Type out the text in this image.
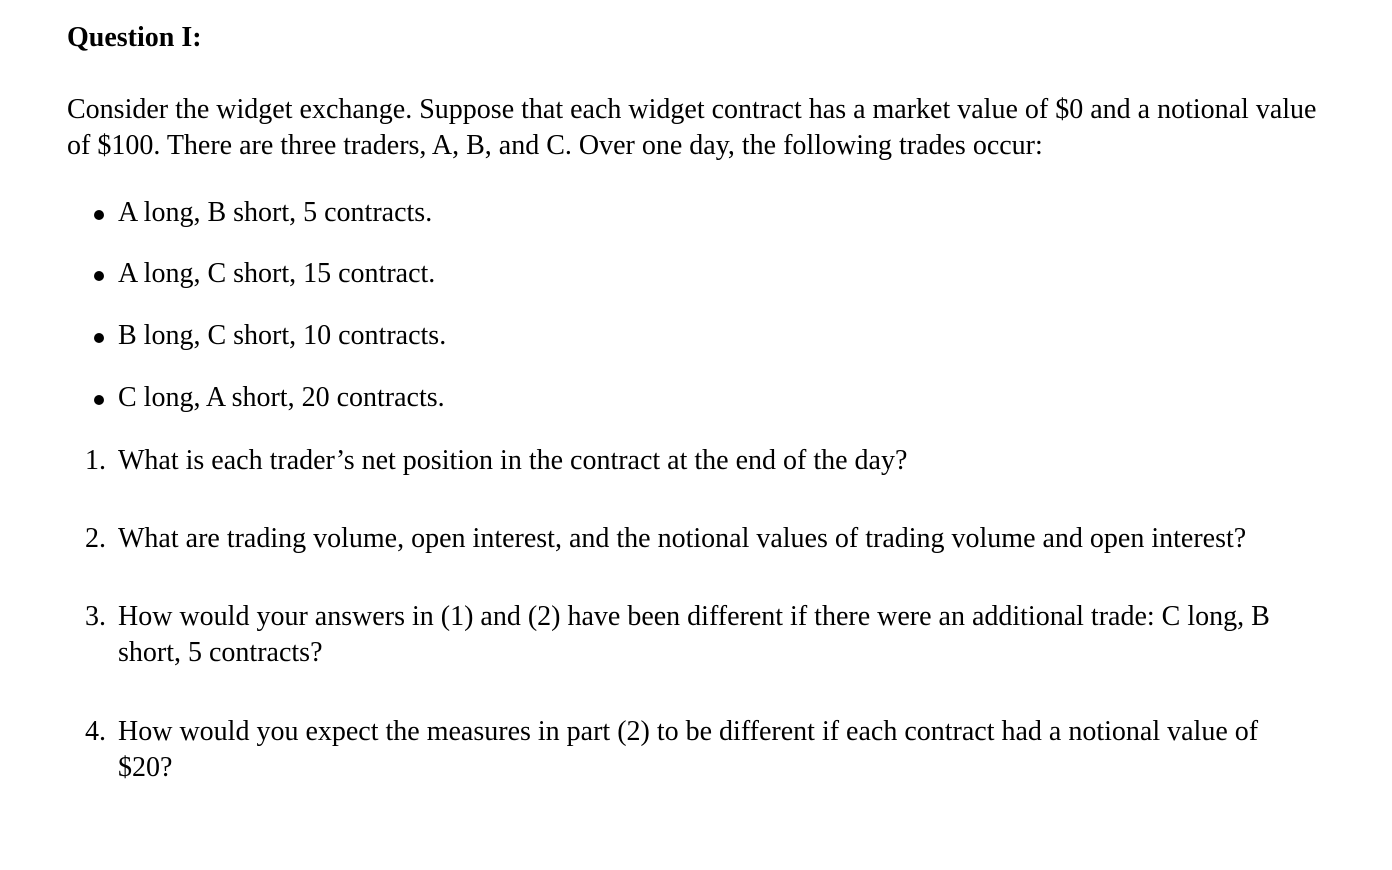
Question I:

Consider the widget exchange. Suppose that each widget contract has a market value of $0 and a notional value of $100. There are three traders, A, B, and C. Over one day, the following trades occur:

A long, B short, 5 contracts.
A long, C short, 15 contract.
B long, C short, 10 contracts.
C long, A short, 20 contracts.
1. What is each trader’s net position in the contract at the end of the day?
2. What are trading volume, open interest, and the notional values of trading volume and open interest?
3. How would your answers in (1) and (2) have been different if there were an additional trade: C long, B short, 5 contracts?
4. How would you expect the measures in part (2) to be different if each contract had a notional value of $20?
